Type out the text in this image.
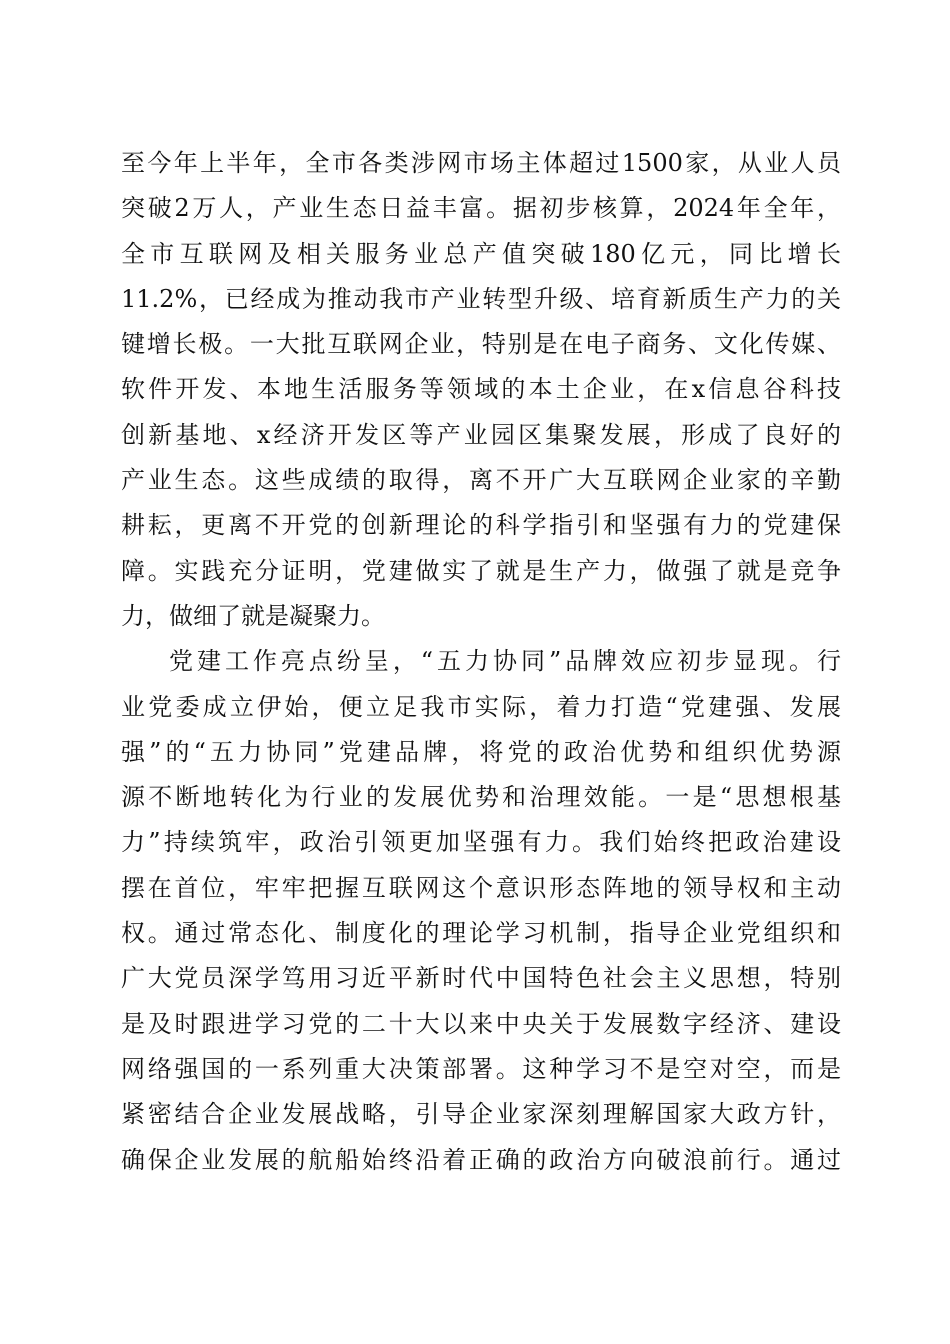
至今年上半年，全市各类涉网市场主体超过1500家，从业人员
突破2万人，产业生态日益丰富。据初步核算，2024年全年，
全市互联网及相关服务业总产值突破180亿元，同比增长
11.2%，已经成为推动我市产业转型升级、培育新质生产力的关
键增长极。一大批互联网企业，特别是在电子商务、文化传媒、
软件开发、本地生活服务等领域的本土企业，在x信息谷科技
创新基地、x经济开发区等产业园区集聚发展，形成了良好的
产业生态。这些成绩的取得，离不开广大互联网企业家的辛勤
耕耘，更离不开党的创新理论的科学指引和坚强有力的党建保
障。实践充分证明，党建做实了就是生产力，做强了就是竞争
力，做细了就是凝聚力。
党建工作亮点纷呈，“五力协同”品牌效应初步显现。行
业党委成立伊始，便立足我市实际，着力打造“党建强、发展
强”的“五力协同”党建品牌，将党的政治优势和组织优势源
源不断地转化为行业的发展优势和治理效能。一是“思想根基
力”持续筑牢，政治引领更加坚强有力。我们始终把政治建设
摆在首位，牢牢把握互联网这个意识形态阵地的领导权和主动
权。通过常态化、制度化的理论学习机制，指导企业党组织和
广大党员深学笃用习近平新时代中国特色社会主义思想，特别
是及时跟进学习党的二十大以来中央关于发展数字经济、建设
网络强国的一系列重大决策部署。这种学习不是空对空，而是
紧密结合企业发展战略，引导企业家深刻理解国家大政方针，
确保企业发展的航船始终沿着正确的政治方向破浪前行。通过
